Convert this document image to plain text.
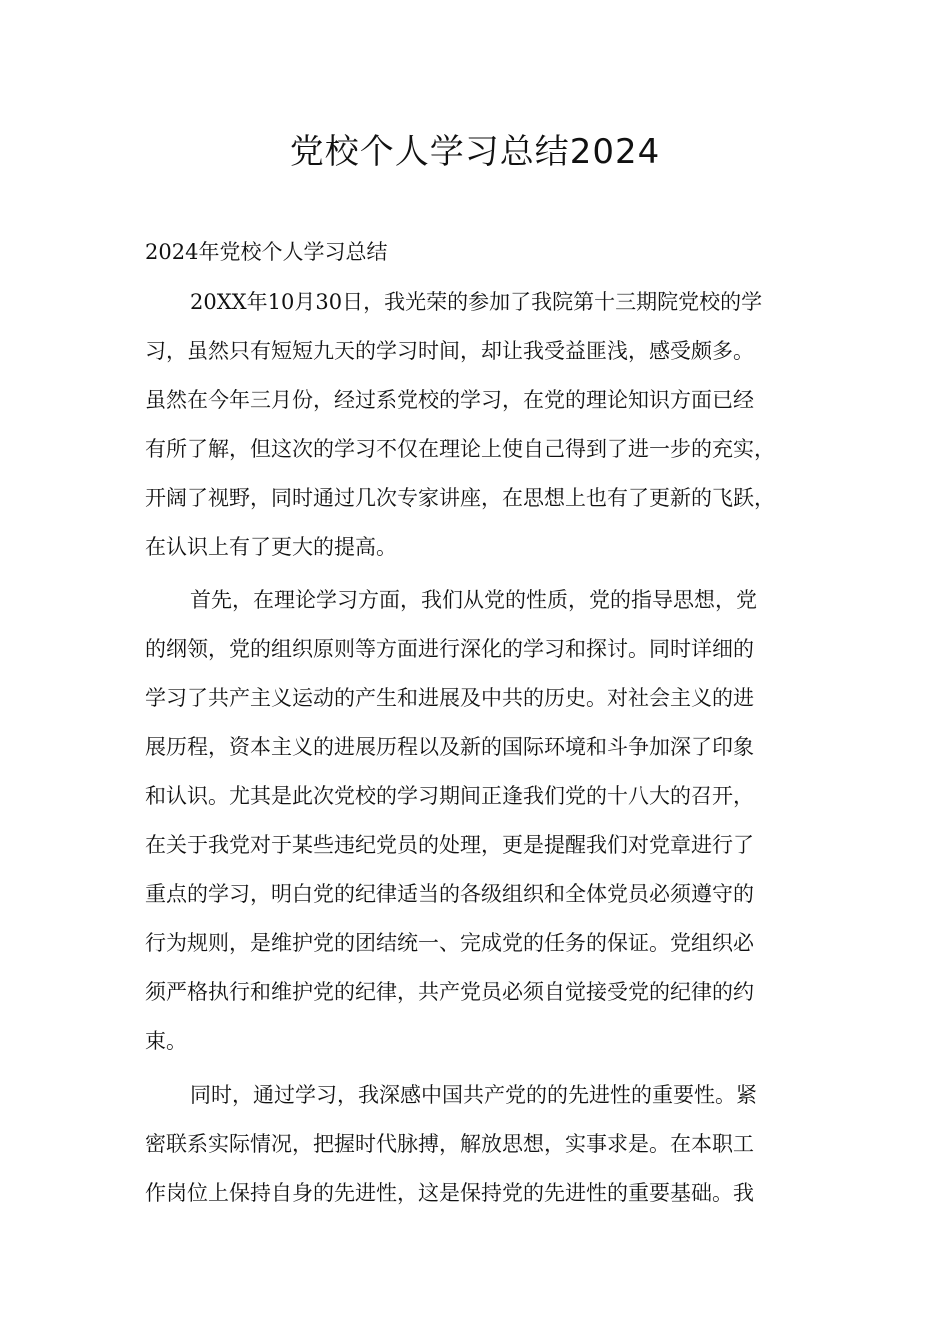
党校个人学习总结2024

2024年党校个人学习总结

20XX年10月30日，我光荣的参加了我院第十三期院党校的学

习，虽然只有短短九天的学习时间，却让我受益匪浅，感受颇多。

虽然在今年三月份，经过系党校的学习，在党的理论知识方面已经

有所了解，但这次的学习不仅在理论上使自己得到了进一步的充实，

开阔了视野，同时通过几次专家讲座，在思想上也有了更新的飞跃，

在认识上有了更大的提高。

首先，在理论学习方面，我们从党的性质，党的指导思想，党

的纲领，党的组织原则等方面进行深化的学习和探讨。同时详细的

学习了共产主义运动的产生和进展及中共的历史。对社会主义的进

展历程，资本主义的进展历程以及新的国际环境和斗争加深了印象

和认识。尤其是此次党校的学习期间正逢我们党的十八大的召开，

在关于我党对于某些违纪党员的处理，更是提醒我们对党章进行了

重点的学习，明白党的纪律适当的各级组织和全体党员必须遵守的

行为规则，是维护党的团结统一、完成党的任务的保证。党组织必

须严格执行和维护党的纪律，共产党员必须自觉接受党的纪律的约

束。

同时，通过学习，我深感中国共产党的的先进性的重要性。紧

密联系实际情况，把握时代脉搏，解放思想，实事求是。在本职工

作岗位上保持自身的先进性，这是保持党的先进性的重要基础。我
